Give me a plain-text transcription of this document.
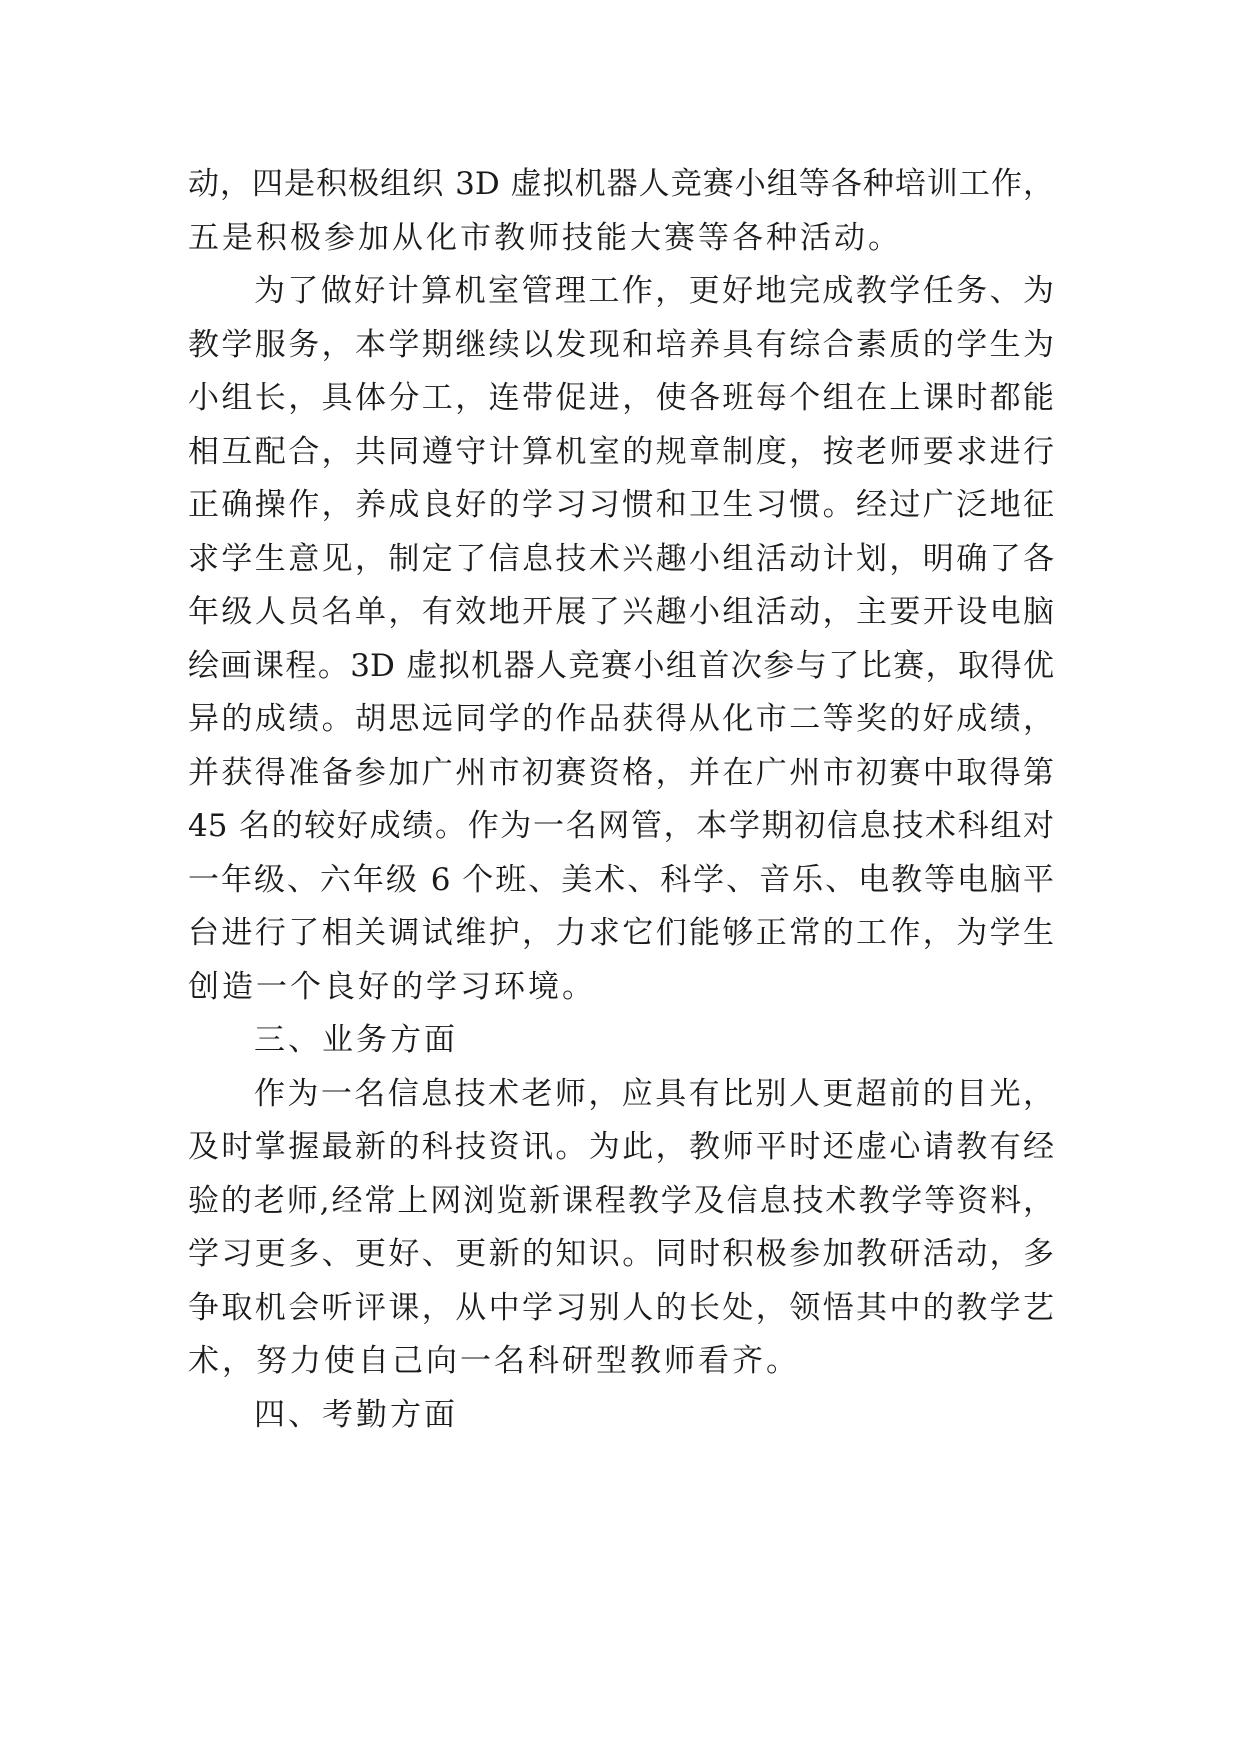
动，四是积极组织 3D 虚拟机器人竞赛小组等各种培训工作，
五是积极参加从化市教师技能大赛等各种活动。
为了做好计算机室管理工作，更好地完成教学任务、为
教学服务，本学期继续以发现和培养具有综合素质的学生为
小组长，具体分工，连带促进，使各班每个组在上课时都能
相互配合，共同遵守计算机室的规章制度，按老师要求进行
正确操作，养成良好的学习习惯和卫生习惯。经过广泛地征
求学生意见，制定了信息技术兴趣小组活动计划，明确了各
年级人员名单，有效地开展了兴趣小组活动，主要开设电脑
绘画课程。3D 虚拟机器人竞赛小组首次参与了比赛，取得优
异的成绩。胡思远同学的作品获得从化市二等奖的好成绩，
并获得准备参加广州市初赛资格，并在广州市初赛中取得第
45 名的较好成绩。作为一名网管，本学期初信息技术科组对
一年级、六年级 6 个班、美术、科学、音乐、电教等电脑平
台进行了相关调试维护，力求它们能够正常的工作，为学生
创造一个良好的学习环境。
三、业务方面
作为一名信息技术老师，应具有比别人更超前的目光，
及时掌握最新的科技资讯。为此，教师平时还虚心请教有经
验的老师,经常上网浏览新课程教学及信息技术教学等资料，
学习更多、更好、更新的知识。同时积极参加教研活动，多
争取机会听评课，从中学习别人的长处，领悟其中的教学艺
术，努力使自己向一名科研型教师看齐。
四、考勤方面
